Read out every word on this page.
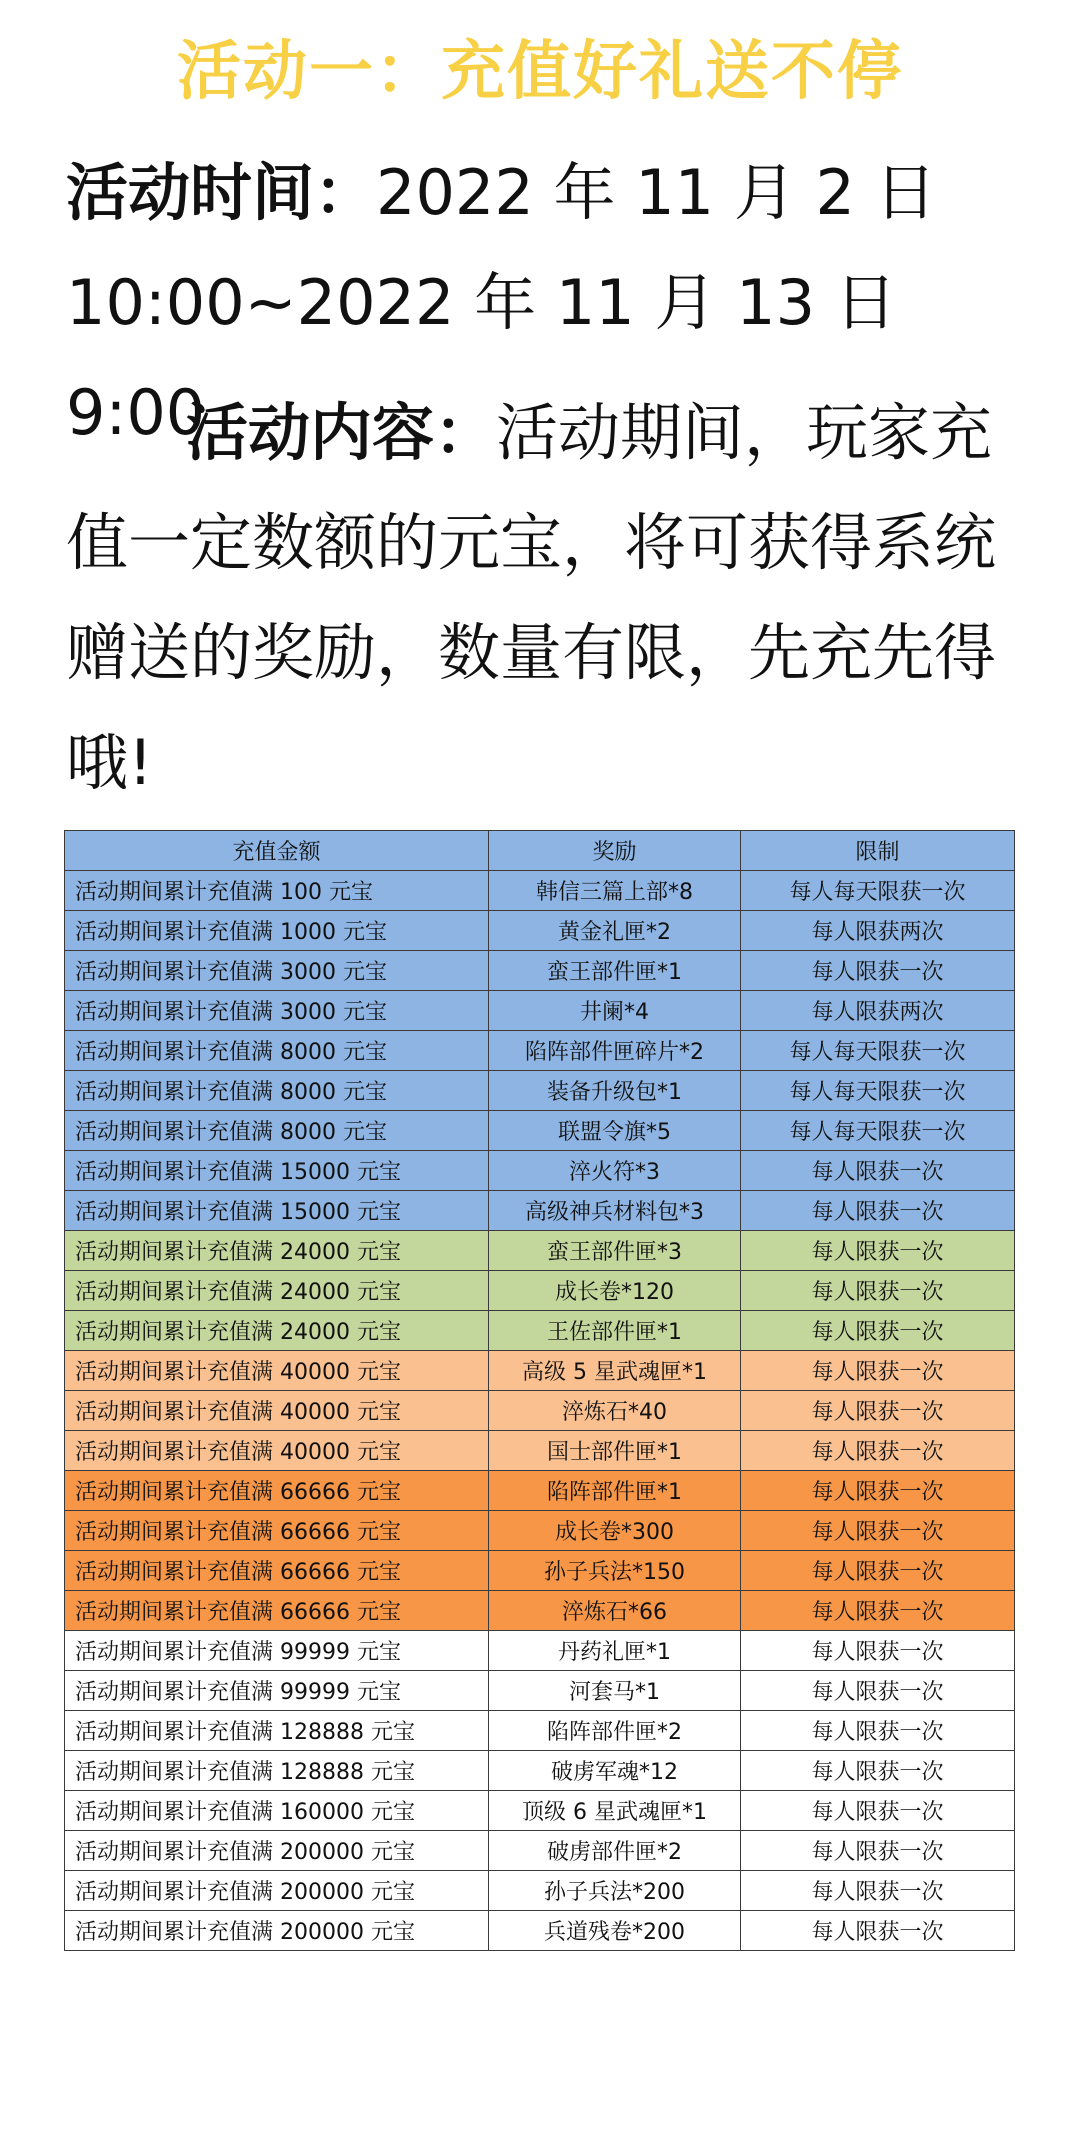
活动一：充值好礼送不停
活动时间：2022 年 11 月 2 日
10:00~2022 年 11 月 13 日 9:00
活动内容：活动期间，玩家充值一定数额的元宝，将可获得系统赠送的奖励，数量有限，先充先得哦!
充值金额	奖励	限制
活动期间累计充值满 100 元宝	韩信三篇上部*8	每人每天限获一次
活动期间累计充值满 1000 元宝	黄金礼匣*2	每人限获两次
活动期间累计充值满 3000 元宝	蛮王部件匣*1	每人限获一次
活动期间累计充值满 3000 元宝	井阑*4	每人限获两次
活动期间累计充值满 8000 元宝	陷阵部件匣碎片*2	每人每天限获一次
活动期间累计充值满 8000 元宝	装备升级包*1	每人每天限获一次
活动期间累计充值满 8000 元宝	联盟令旗*5	每人每天限获一次
活动期间累计充值满 15000 元宝	淬火符*3	每人限获一次
活动期间累计充值满 15000 元宝	高级神兵材料包*3	每人限获一次
活动期间累计充值满 24000 元宝	蛮王部件匣*3	每人限获一次
活动期间累计充值满 24000 元宝	成长卷*120	每人限获一次
活动期间累计充值满 24000 元宝	王佐部件匣*1	每人限获一次
活动期间累计充值满 40000 元宝	高级 5 星武魂匣*1	每人限获一次
活动期间累计充值满 40000 元宝	淬炼石*40	每人限获一次
活动期间累计充值满 40000 元宝	国士部件匣*1	每人限获一次
活动期间累计充值满 66666 元宝	陷阵部件匣*1	每人限获一次
活动期间累计充值满 66666 元宝	成长卷*300	每人限获一次
活动期间累计充值满 66666 元宝	孙子兵法*150	每人限获一次
活动期间累计充值满 66666 元宝	淬炼石*66	每人限获一次
活动期间累计充值满 99999 元宝	丹药礼匣*1	每人限获一次
活动期间累计充值满 99999 元宝	河套马*1	每人限获一次
活动期间累计充值满 128888 元宝	陷阵部件匣*2	每人限获一次
活动期间累计充值满 128888 元宝	破虏军魂*12	每人限获一次
活动期间累计充值满 160000 元宝	顶级 6 星武魂匣*1	每人限获一次
活动期间累计充值满 200000 元宝	破虏部件匣*2	每人限获一次
活动期间累计充值满 200000 元宝	孙子兵法*200	每人限获一次
活动期间累计充值满 200000 元宝	兵道残卷*200	每人限获一次
